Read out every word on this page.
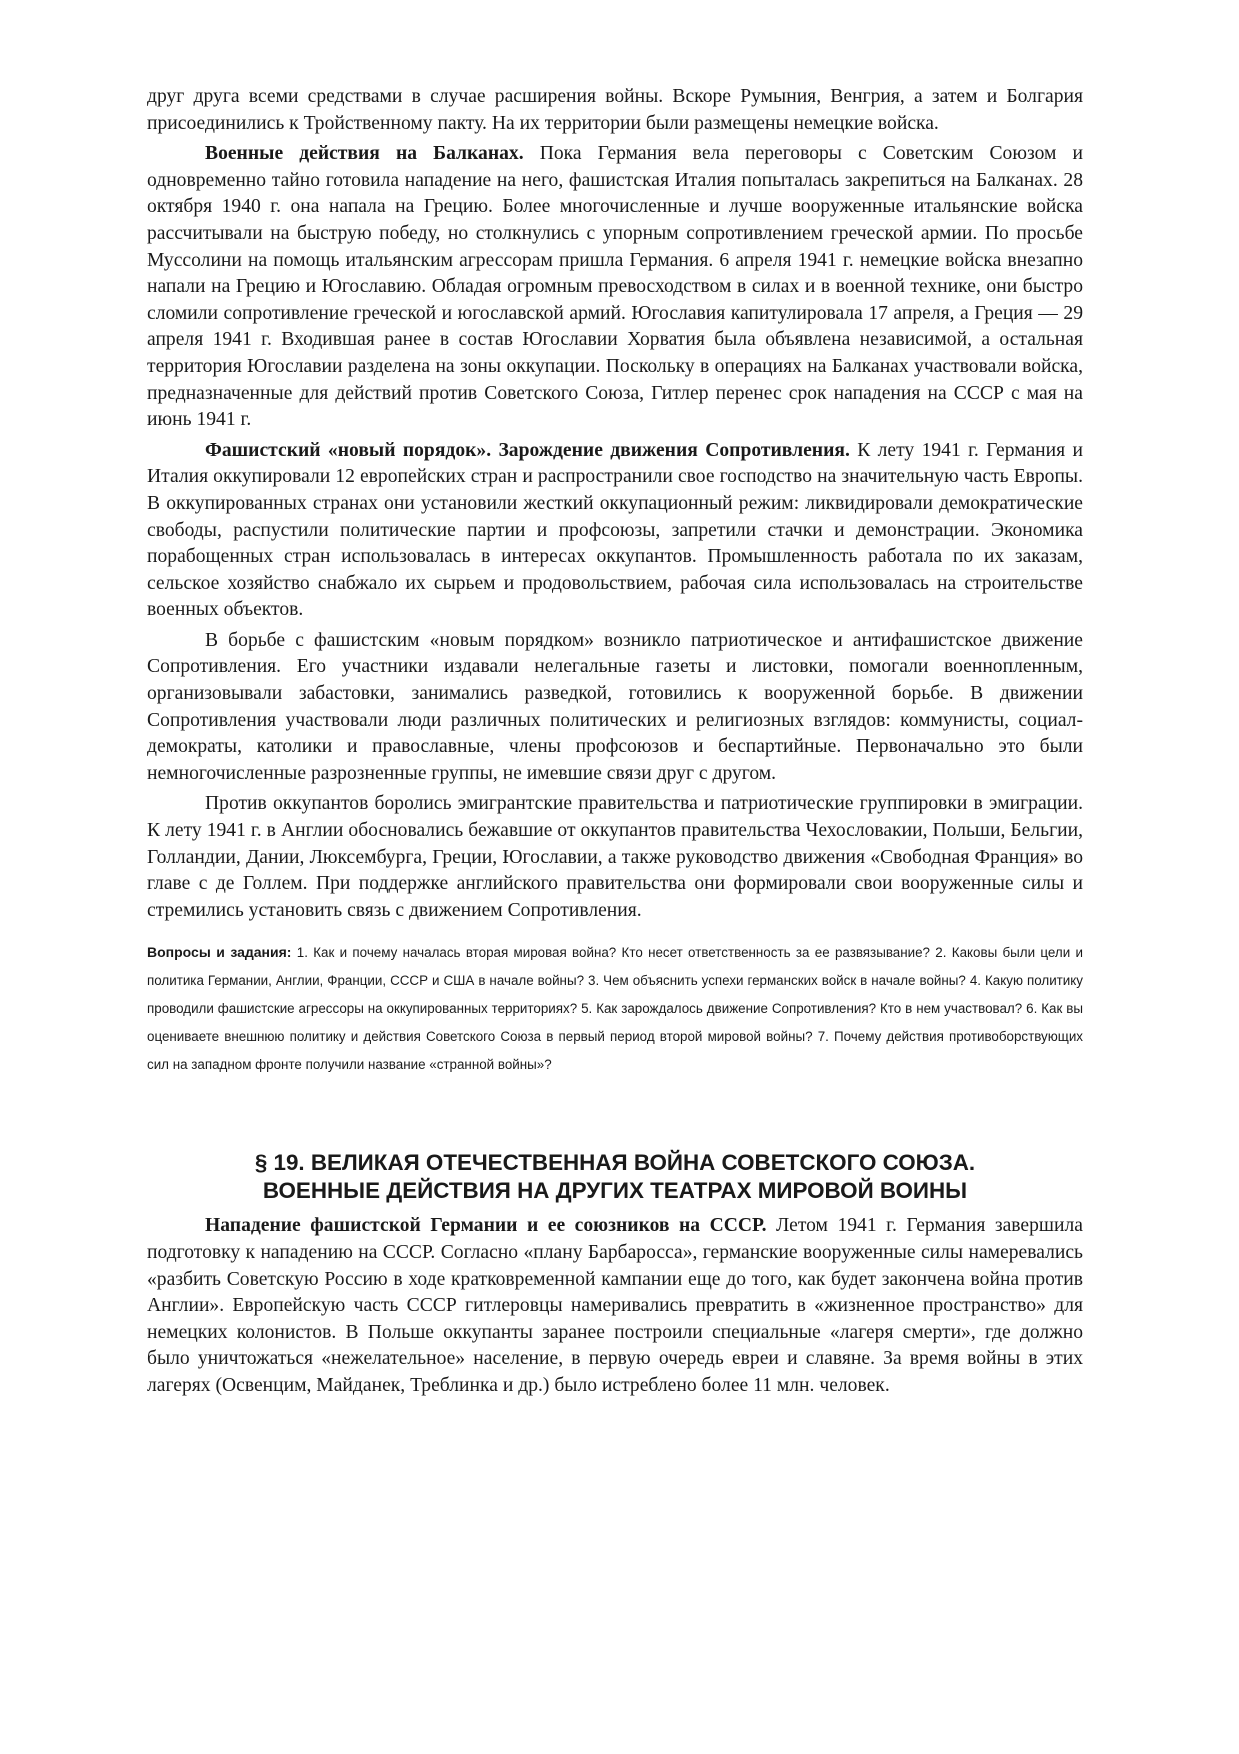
друг друга всеми средствами в случае расширения войны. Вскоре Румыния, Венгрия, а затем и Болгария присоединились к Тройственному пакту. На их территории были размещены немецкие войска.

Военные действия на Балканах. Пока Германия вела переговоры с Советским Союзом и одновременно тайно готовила нападение на него, фашистская Италия попыталась закрепиться на Балканах. 28 октября 1940 г. она напала на Грецию. Более многочисленные и лучше вооруженные итальянские войска рассчитывали на быструю победу, но столкнулись с упорным сопротивлением греческой армии. По просьбе Муссолини на помощь итальянским агрессорам пришла Германия. 6 апреля 1941 г. немецкие войска внезапно напали на Грецию и Югославию. Обладая огромным превосходством в силах и в военной технике, они быстро сломили сопротивление греческой и югославской армий. Югославия капитулировала 17 апреля, а Греция — 29 апреля 1941 г. Входившая ранее в состав Югославии Хорватия была объявлена независимой, а остальная территория Югославии разделена на зоны оккупации. Поскольку в операциях на Балканах участвовали войска, предназначенные для действий против Советского Союза, Гитлер перенес срок нападения на СССР с мая на июнь 1941 г.

Фашистский «новый порядок». Зарождение движения Сопротивления. К лету 1941 г. Германия и Италия оккупировали 12 европейских стран и распространили свое господство на значительную часть Европы. В оккупированных странах они установили жесткий оккупационный режим: ликвидировали демократические свободы, распустили политические партии и профсоюзы, запретили стачки и демонстрации. Экономика порабощенных стран использовалась в интересах оккупантов. Промышленность работала по их заказам, сельское хозяйство снабжало их сырьем и продовольствием, рабочая сила использовалась на строительстве военных объектов.

В борьбе с фашистским «новым порядком» возникло патриотическое и антифашистское движение Сопротивления. Его участники издавали нелегальные газеты и листовки, помогали военнопленным, организовывали забастовки, занимались разведкой, готовились к вооруженной борьбе. В движении Сопротивления участвовали люди различных политических и религиозных взглядов: коммунисты, социал-демократы, католики и православные, члены профсоюзов и беспартийные. Первоначально это были немногочисленные разрозненные группы, не имевшие связи друг с другом.

Против оккупантов боролись эмигрантские правительства и патриотические группировки в эмиграции. К лету 1941 г. в Англии обосновались бежавшие от оккупантов правительства Чехословакии, Польши, Бельгии, Голландии, Дании, Люксембурга, Греции, Югославии, а также руководство движения «Свободная Франция» во главе с де Голлем. При поддержке английского правительства они формировали свои вооруженные силы и стремились установить связь с движением Сопротивления.

Вопросы и задания: 1. Как и почему началась вторая мировая война? Кто несет ответственность за ее развязывание? 2. Каковы были цели и политика Германии, Англии, Франции, СССР и США в начале войны? 3. Чем объяснить успехи германских войск в начале войны? 4. Какую политику проводили фашистские агрессоры на оккупированных территориях? 5. Как зарождалось движение Сопротивления? Кто в нем участвовал? 6. Как вы оцениваете внешнюю политику и действия Советского Союза в первый период второй мировой войны? 7. Почему действия противоборствующих сил на западном фронте получили название «странной войны»?

§ 19. ВЕЛИКАЯ ОТЕЧЕСТВЕННАЯ ВОЙНА СОВЕТСКОГО СОЮЗА.
ВОЕННЫЕ ДЕЙСТВИЯ НА ДРУГИХ ТЕАТРАХ МИРОВОЙ ВОИНЫ

Нападение фашистской Германии и ее союзников на СССР. Летом 1941 г. Германия завершила подготовку к нападению на СССР. Согласно «плану Барбаросса», германские вооруженные силы намеревались «разбить Советскую Россию в ходе кратковременной кампании еще до того, как будет закончена война против Англии». Европейскую часть СССР гитлеровцы намеривались превратить в «жизненное пространство» для немецких колонистов. В Польше оккупанты заранее построили специальные «лагеря смерти», где должно было уничтожаться «нежелательное» население, в первую очередь евреи и славяне. За время войны в этих лагерях (Освенцим, Майданек, Треблинка и др.) было истреблено более 11 млн. человек.
